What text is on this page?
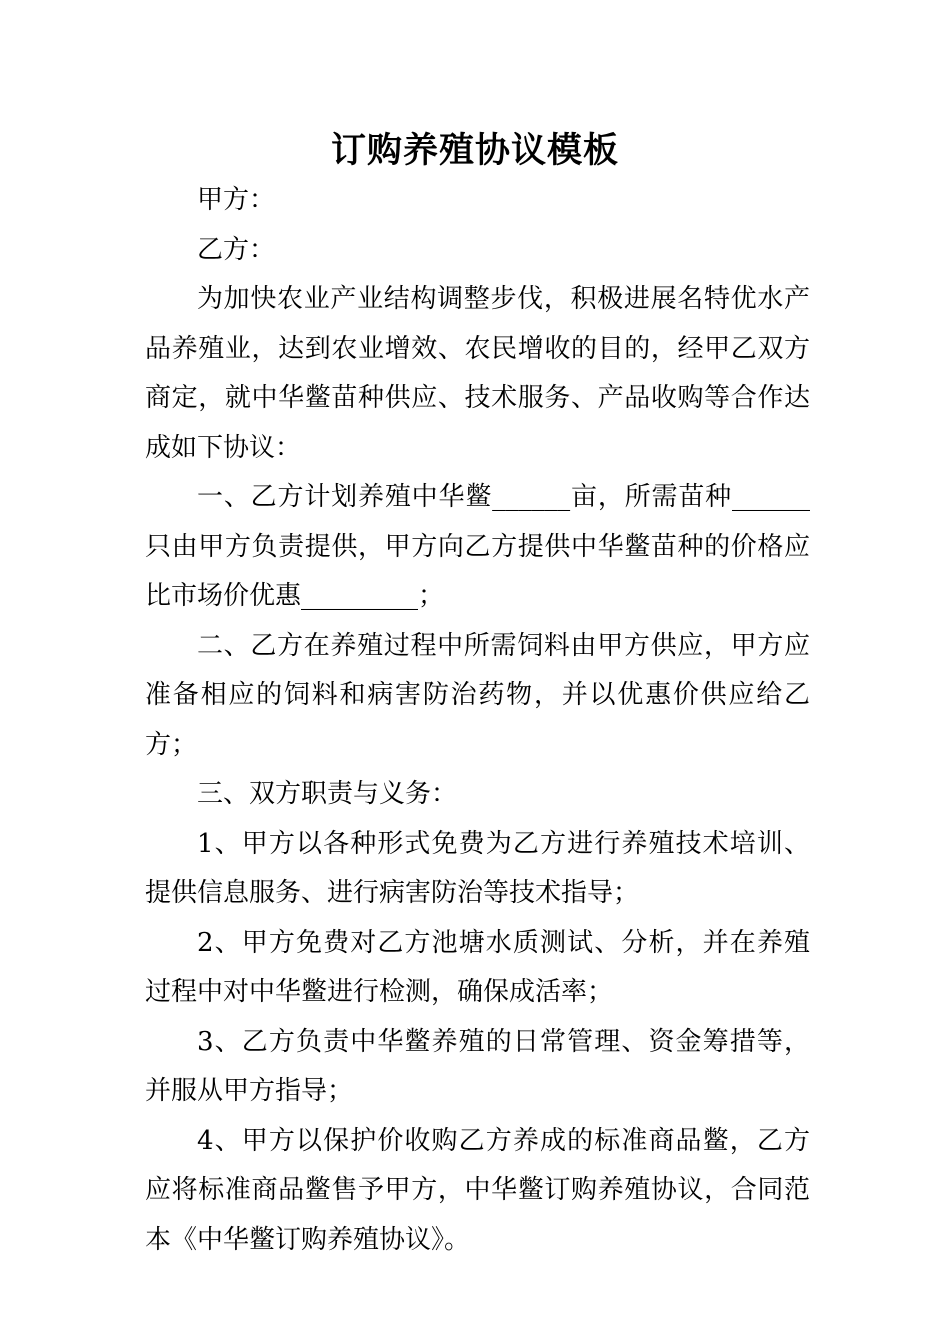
订购养殖协议模板

甲方：

乙方：

为加快农业产业结构调整步伐，积极进展名特优水产品养殖业，达到农业增效、农民增收的目的，经甲乙双方商定，就中华鳖苗种供应、技术服务、产品收购等合作达成如下协议：

一、乙方计划养殖中华鳖______亩，所需苗种______只由甲方负责提供，甲方向乙方提供中华鳖苗种的价格应比市场价优惠_________；

二、乙方在养殖过程中所需饲料由甲方供应，甲方应准备相应的饲料和病害防治药物，并以优惠价供应给乙方；

三、双方职责与义务：

1、甲方以各种形式免费为乙方进行养殖技术培训、提供信息服务、进行病害防治等技术指导；

2、甲方免费对乙方池塘水质测试、分析，并在养殖过程中对中华鳖进行检测，确保成活率；

3、乙方负责中华鳖养殖的日常管理、资金筹措等，并服从甲方指导；

4、甲方以保护价收购乙方养成的标准商品鳖，乙方应将标准商品鳖售予甲方，中华鳖订购养殖协议，合同范本《中华鳖订购养殖协议》。
